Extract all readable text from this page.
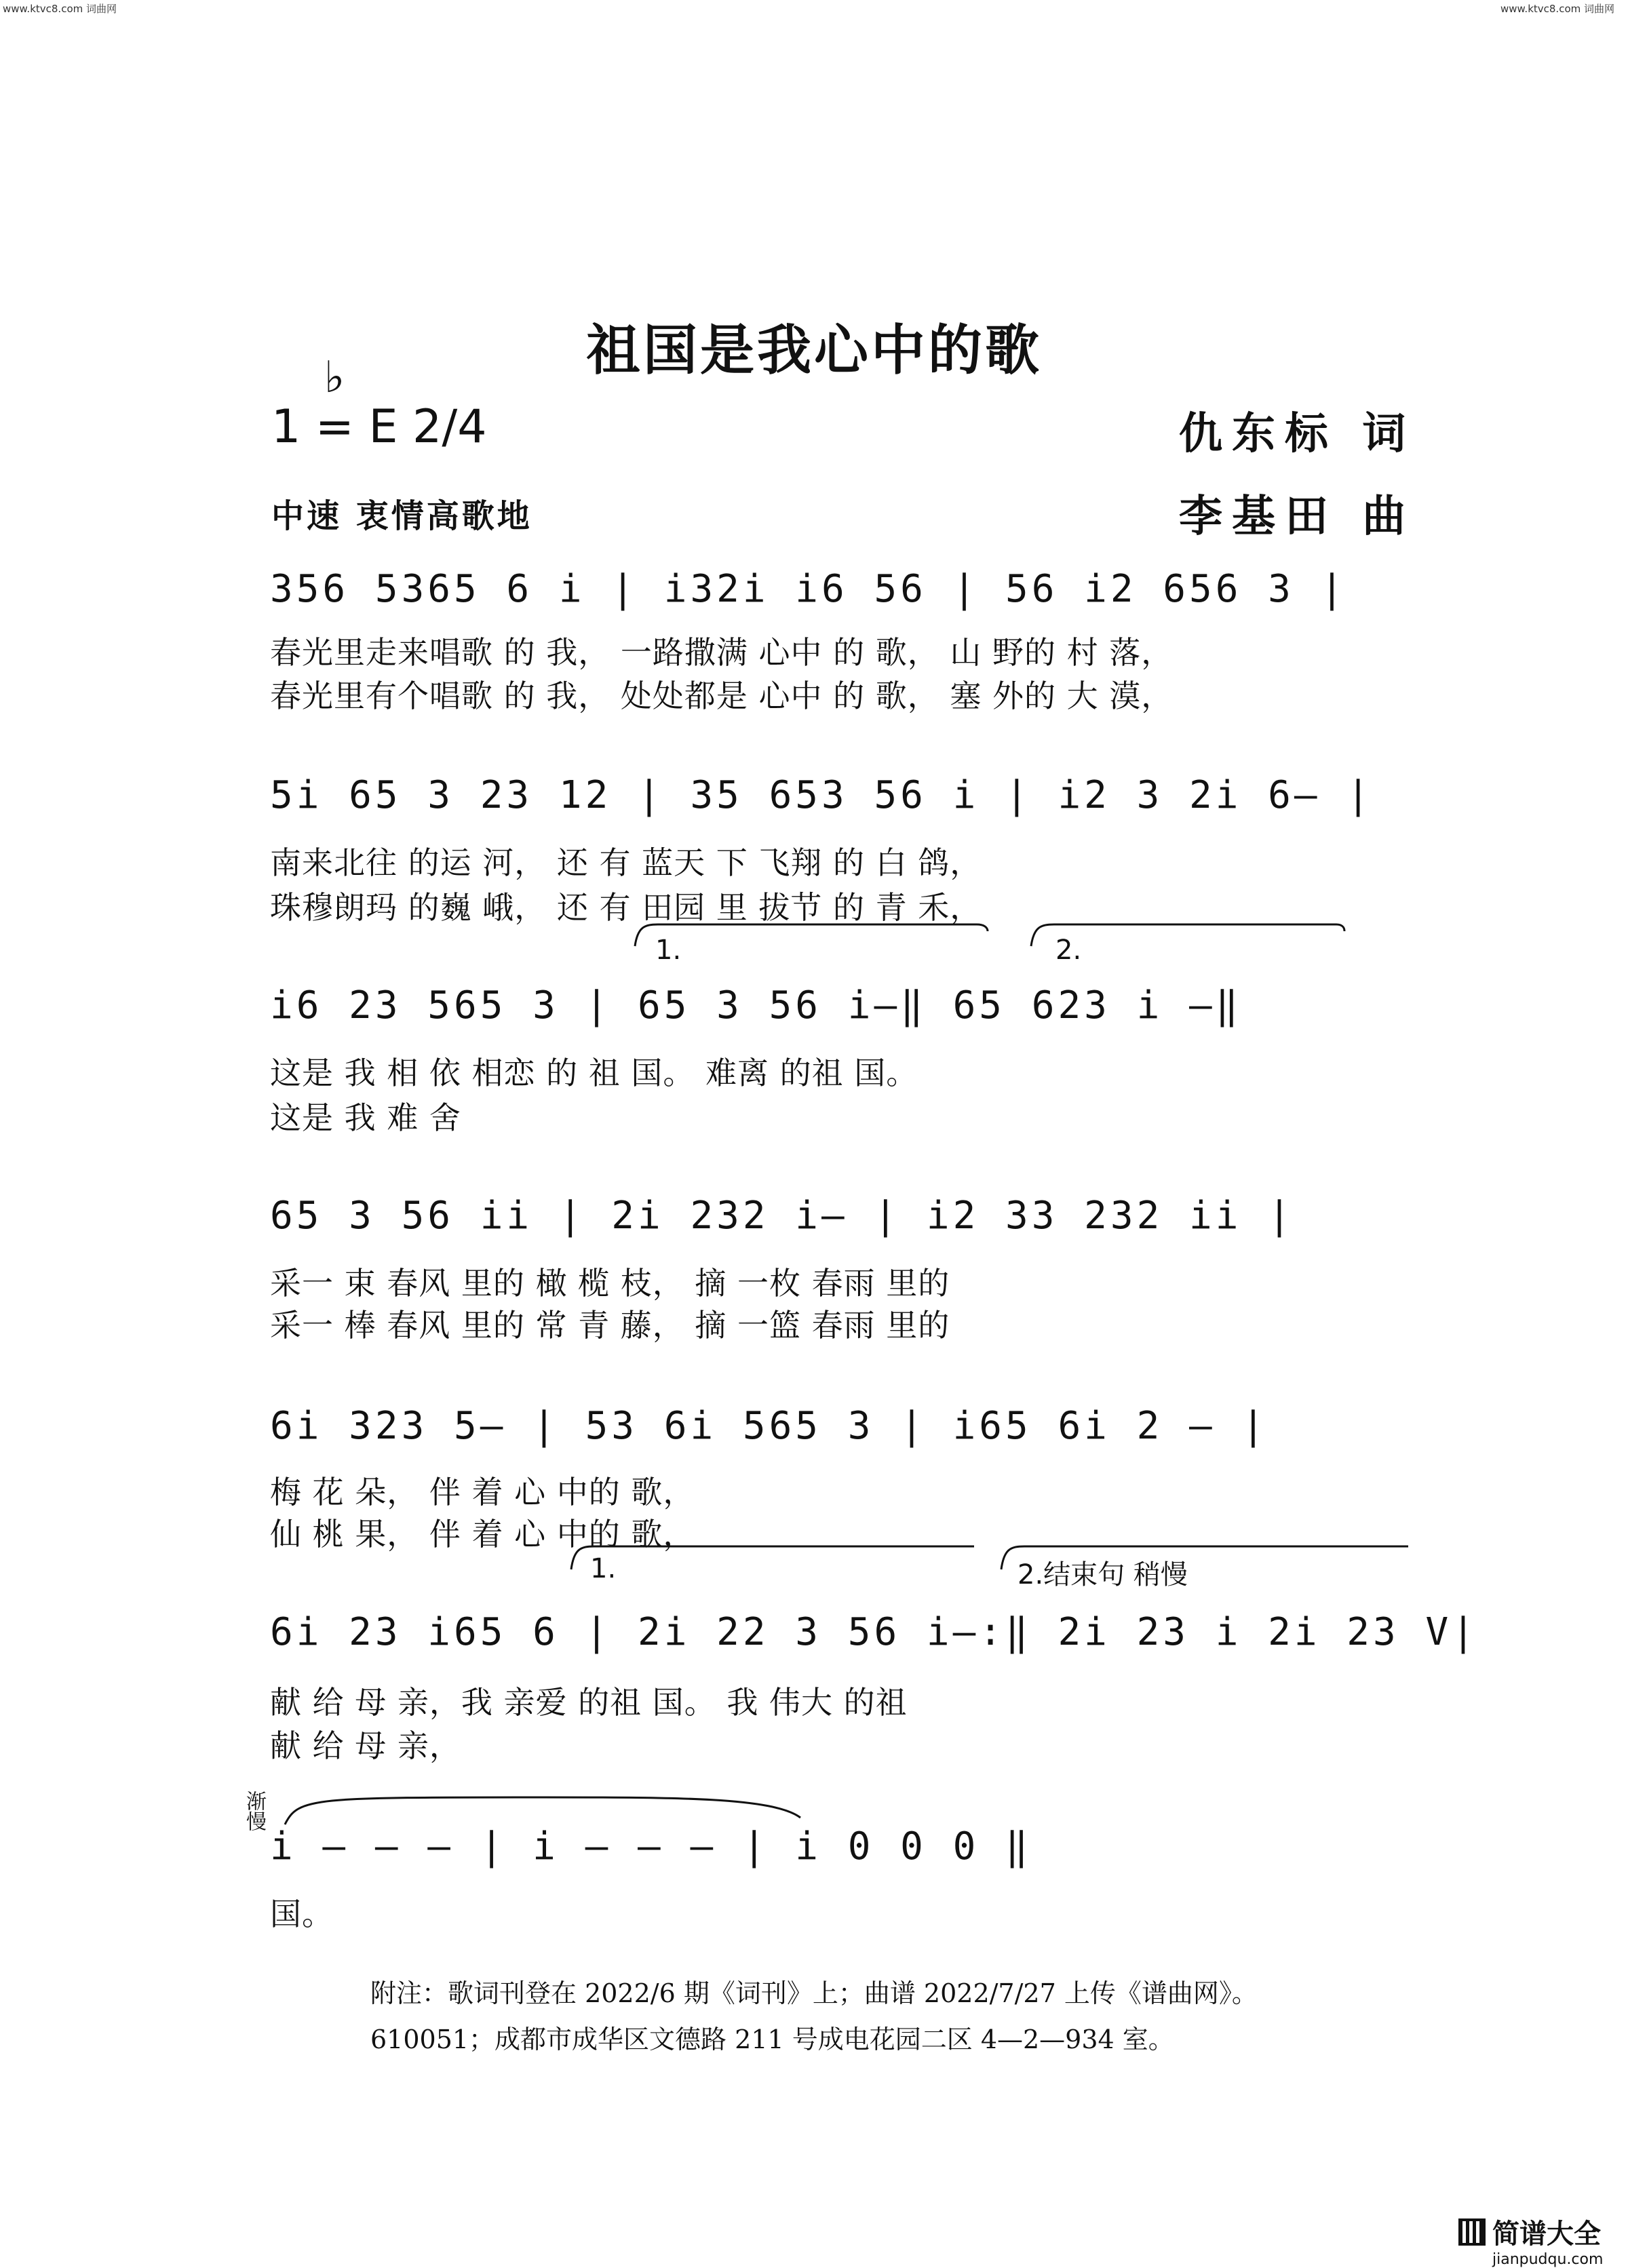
www.ktvc8.com 词曲网	www.ktvc8.com 词曲网
祖国是我心中的歌
♭
1 = E 2/4	仇东标 词
李基田 曲
中速 衷情高歌地
356 5365 6 i | i32i i6 56 | 56 i2 656 3 |
春光里走来唱歌 的 我， 一路撒满 心中 的 歌， 山 野的 村 落，
春光里有个唱歌 的 我， 处处都是 心中 的 歌， 塞 外的 大 漠，
5i 65 3 23 12 | 35 653 56 i | i2 3 2i 6— |
南来北往 的运 河， 还 有 蓝天 下 飞翔 的 白 鸽，
珠穆朗玛 的巍 峨， 还 有 田园 里 拔节 的 青 禾，
1.	2.
i6 23 565 3 | 65 3 56 i—‖ 65 623 i —‖
这是 我 相 依 相恋 的 祖 国。 难离 的祖 国。
这是 我 难 舍
65 3 56 ii | 2i 232 i— | i2 33 232 ii |
采一 束 春风 里的 橄 榄 枝， 摘 一枚 春雨 里的
采一 棒 春风 里的 常 青 藤， 摘 一篮 春雨 里的
6i 323 5— | 53 6i 565 3 | i65 6i 2 — |
梅 花 朵， 伴 着 心 中的 歌，
仙 桃 果， 伴 着 心 中的 歌，
1.	2.结束句 稍慢
6i 23 i65 6 | 2i 22 3 56 i—:‖ 2i 23 i 2i 23 V|
献 给 母 亲，我 亲爱 的祖 国。 我 伟大 的祖
献 给 母 亲，
渐慢
i — — — | i — — — | i 0 0 0 ‖
国。
附注：歌词刊登在 2022/6 期《词刊》上；曲谱 2022/7/27 上传《谱曲网》。
610051；成都市成华区文德路 211 号成电花园二区 4—2—934 室。
简谱大全
jianpudqu.com
